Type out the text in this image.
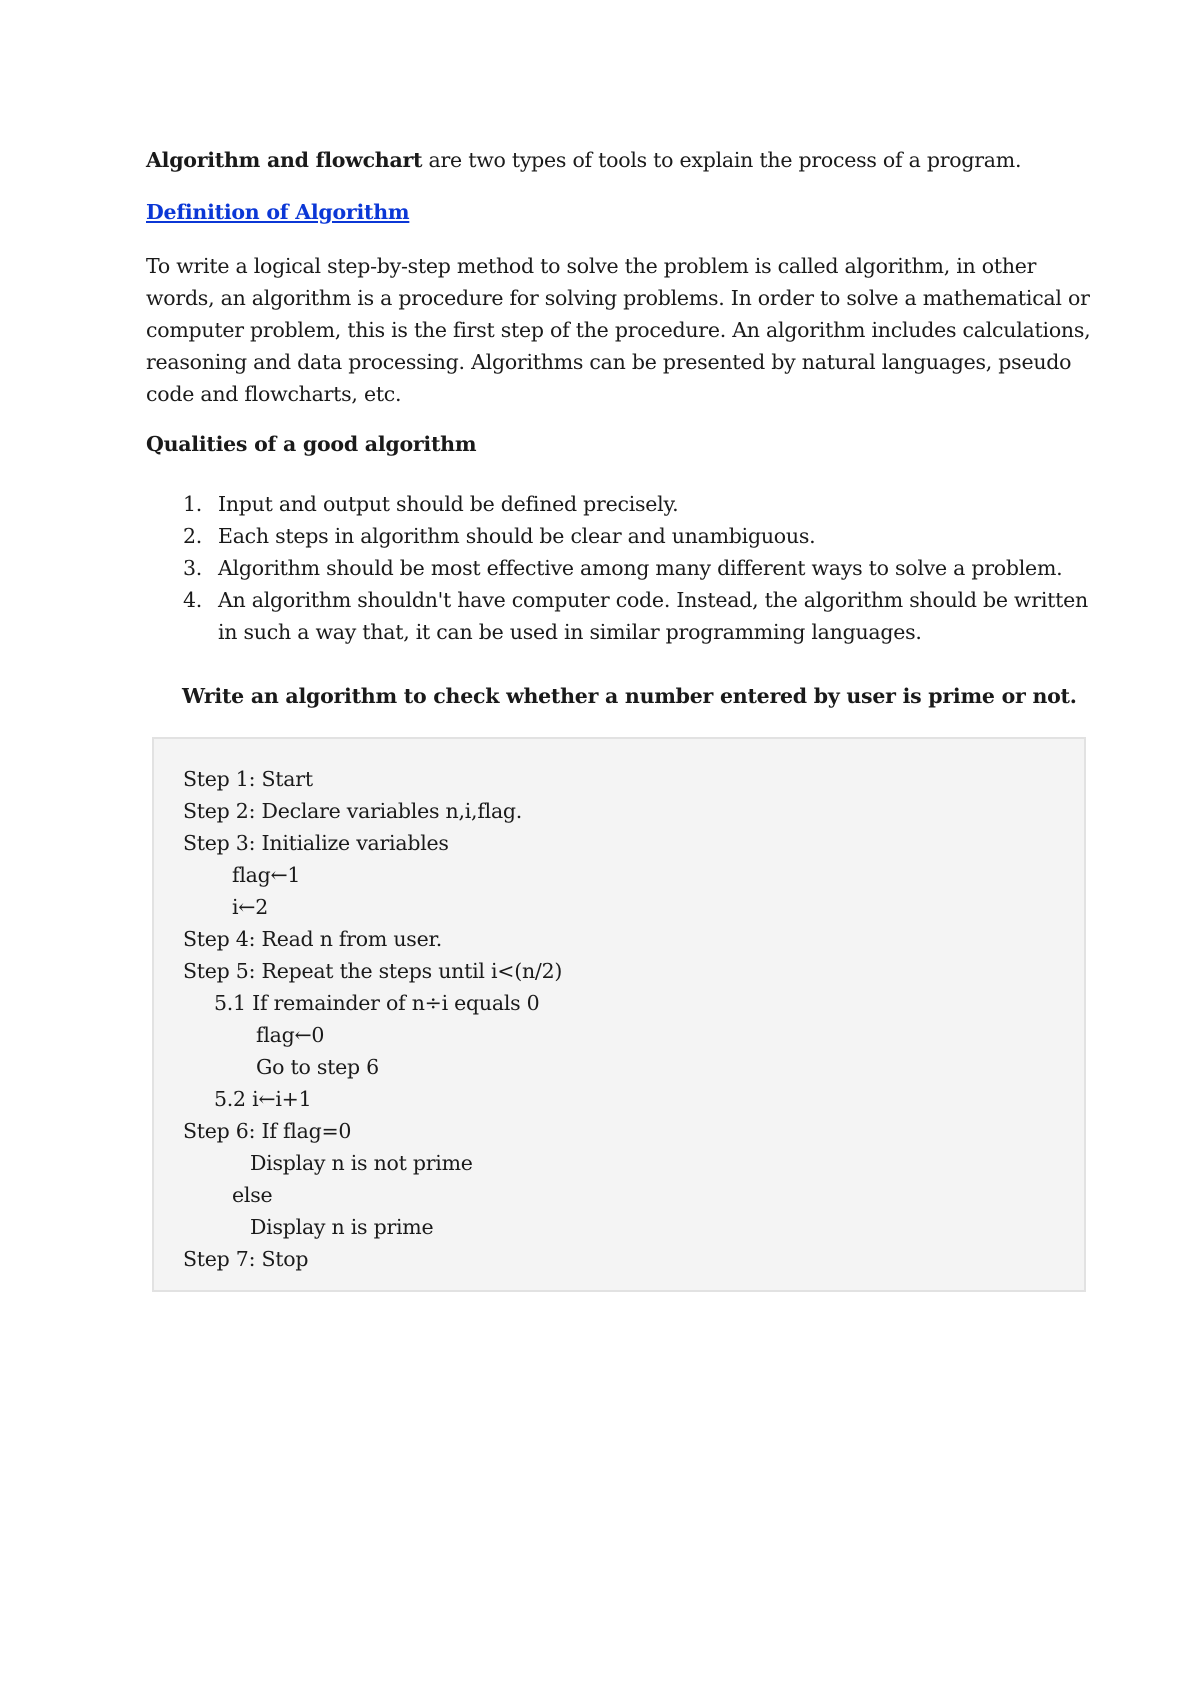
Algorithm and flowchart are two types of tools to explain the process of a program.
Definition of Algorithm
To write a logical step-by-step method to solve the problem is called algorithm, in other
words, an algorithm is a procedure for solving problems. In order to solve a mathematical or
computer problem, this is the first step of the procedure. An algorithm includes calculations,
reasoning and data processing. Algorithms can be presented by natural languages, pseudo
code and flowcharts, etc.
Qualities of a good algorithm
1. Input and output should be defined precisely.
2. Each steps in algorithm should be clear and unambiguous.
3. Algorithm should be most effective among many different ways to solve a problem.
4. An algorithm shouldn't have computer code. Instead, the algorithm should be written
in such a way that, it can be used in similar programming languages.
Write an algorithm to check whether a number entered by user is prime or not.
Step 1: Start
Step 2: Declare variables n,i,flag.
Step 3: Initialize variables
flag←1
i←2
Step 4: Read n from user.
Step 5: Repeat the steps until i<(n/2)
5.1 If remainder of n÷i equals 0
flag←0
Go to step 6
5.2 i←i+1
Step 6: If flag=0
Display n is not prime
else
Display n is prime
Step 7: Stop
